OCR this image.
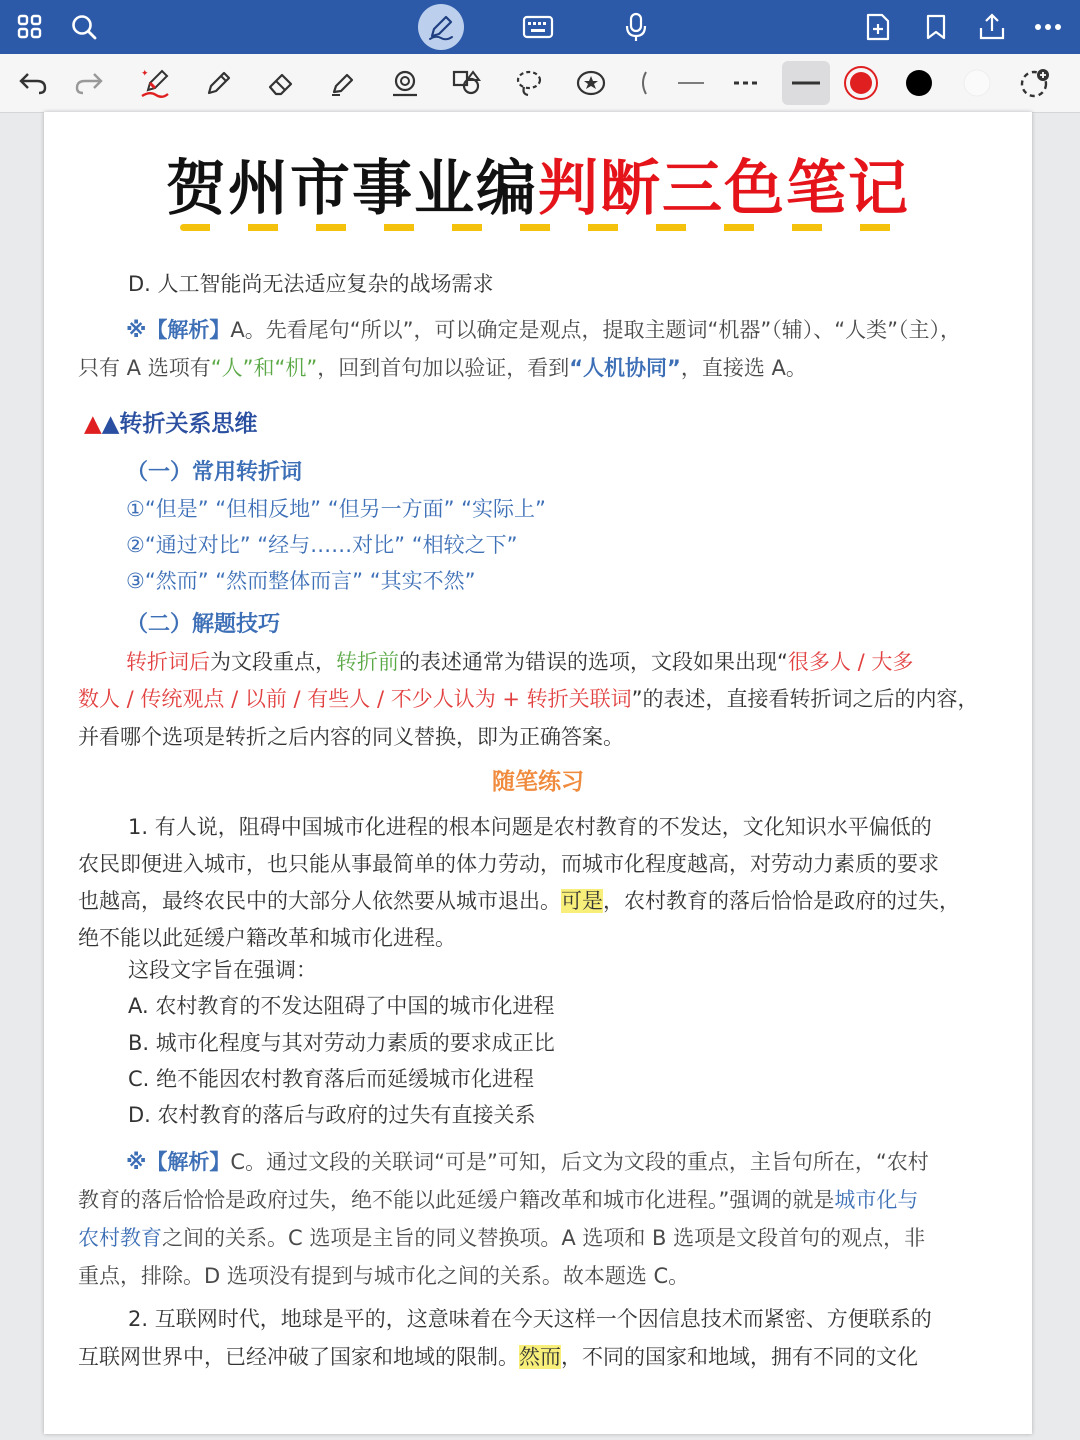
✦
贺州市事业编判断三色笔记
D. 人工智能尚无法适应复杂的战场需求
※【解析】A。先看尾句“所以”，可以确定是观点，提取主题词“机器”（辅）、“人类”（主），
只有 A 选项有“人”和“机”，回到首句加以验证，看到“人机协同”，直接选 A。
▲▲转折关系思维
（一）常用转折词
①“但是” “但相反地” “但另一方面” “实际上”
②“通过对比” “经与……对比” “相较之下”
③“然而” “然而整体而言” “其实不然”
（二）解题技巧
转折词后为文段重点，转折前的表述通常为错误的选项，文段如果出现“很多人 / 大多
数人 / 传统观点 / 以前 / 有些人 / 不少人认为 + 转折关联词”的表述，直接看转折词之后的内容，
并看哪个选项是转折之后内容的同义替换，即为正确答案。
随笔练习
1. 有人说，阻碍中国城市化进程的根本问题是农村教育的不发达，文化知识水平偏低的
农民即便进入城市，也只能从事最简单的体力劳动，而城市化程度越高，对劳动力素质的要求
也越高，最终农民中的大部分人依然要从城市退出。可是，农村教育的落后恰恰是政府的过失，
绝不能以此延缓户籍改革和城市化进程。
这段文字旨在强调：
A. 农村教育的不发达阻碍了中国的城市化进程
B. 城市化程度与其对劳动力素质的要求成正比
C. 绝不能因农村教育落后而延缓城市化进程
D. 农村教育的落后与政府的过失有直接关系
※【解析】C。通过文段的关联词“可是”可知，后文为文段的重点，主旨句所在，“农村
教育的落后恰恰是政府过失，绝不能以此延缓户籍改革和城市化进程。”强调的就是城市化与
农村教育之间的关系。C 选项是主旨的同义替换项。A 选项和 B 选项是文段首句的观点，非
重点，排除。D 选项没有提到与城市化之间的关系。故本题选 C。
2. 互联网时代，地球是平的，这意味着在今天这样一个因信息技术而紧密、方便联系的
互联网世界中，已经冲破了国家和地域的限制。然而，不同的国家和地域，拥有不同的文化
